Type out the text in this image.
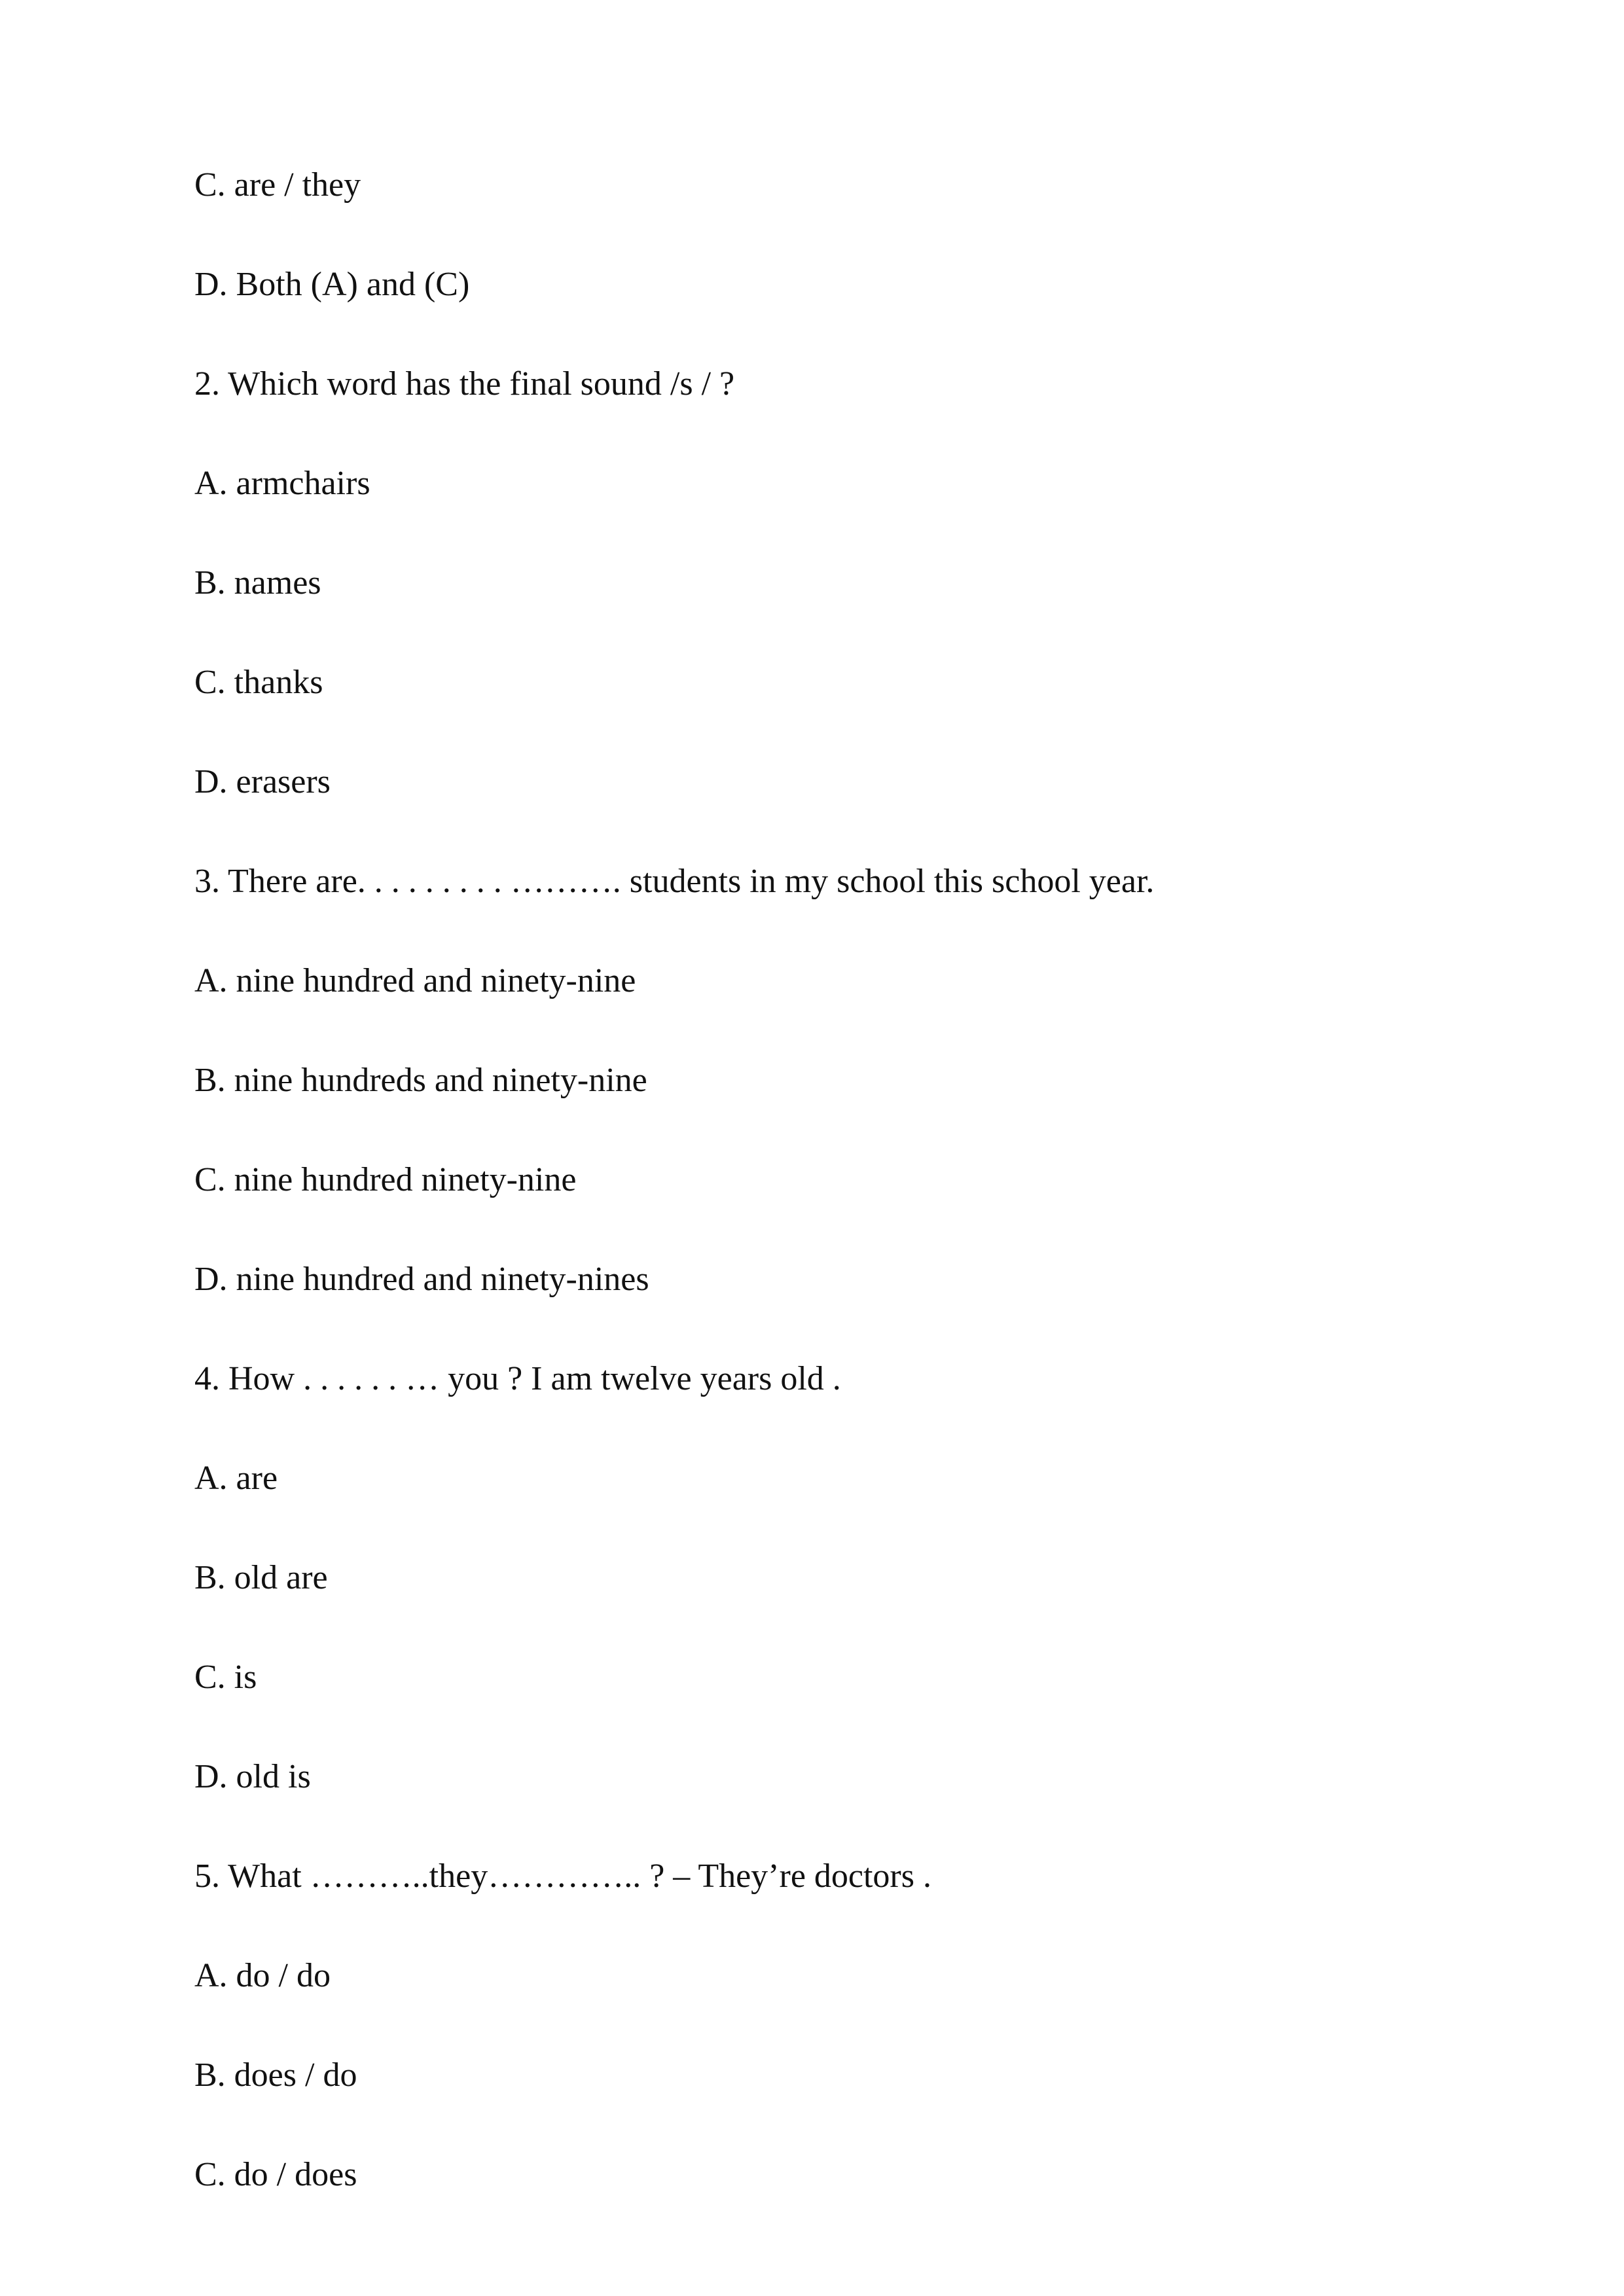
C. are / they

D. Both (A) and (C)

2. Which word has the final sound /s / ?

A. armchairs

B. names

C. thanks

D. erasers

3. There are. . . . . . . . . ………. students in my school this school year.

A. nine hundred and ninety-nine

B. nine hundreds and ninety-nine

C. nine hundred ninety-nine

D. nine hundred and ninety-nines

4. How . . . . . . … you ? I am twelve years old .

A. are

B. old are

C. is

D. old is

5. What ………..they………….. ? – They’re doctors .

A. do / do

B. does / do

C. do / does
